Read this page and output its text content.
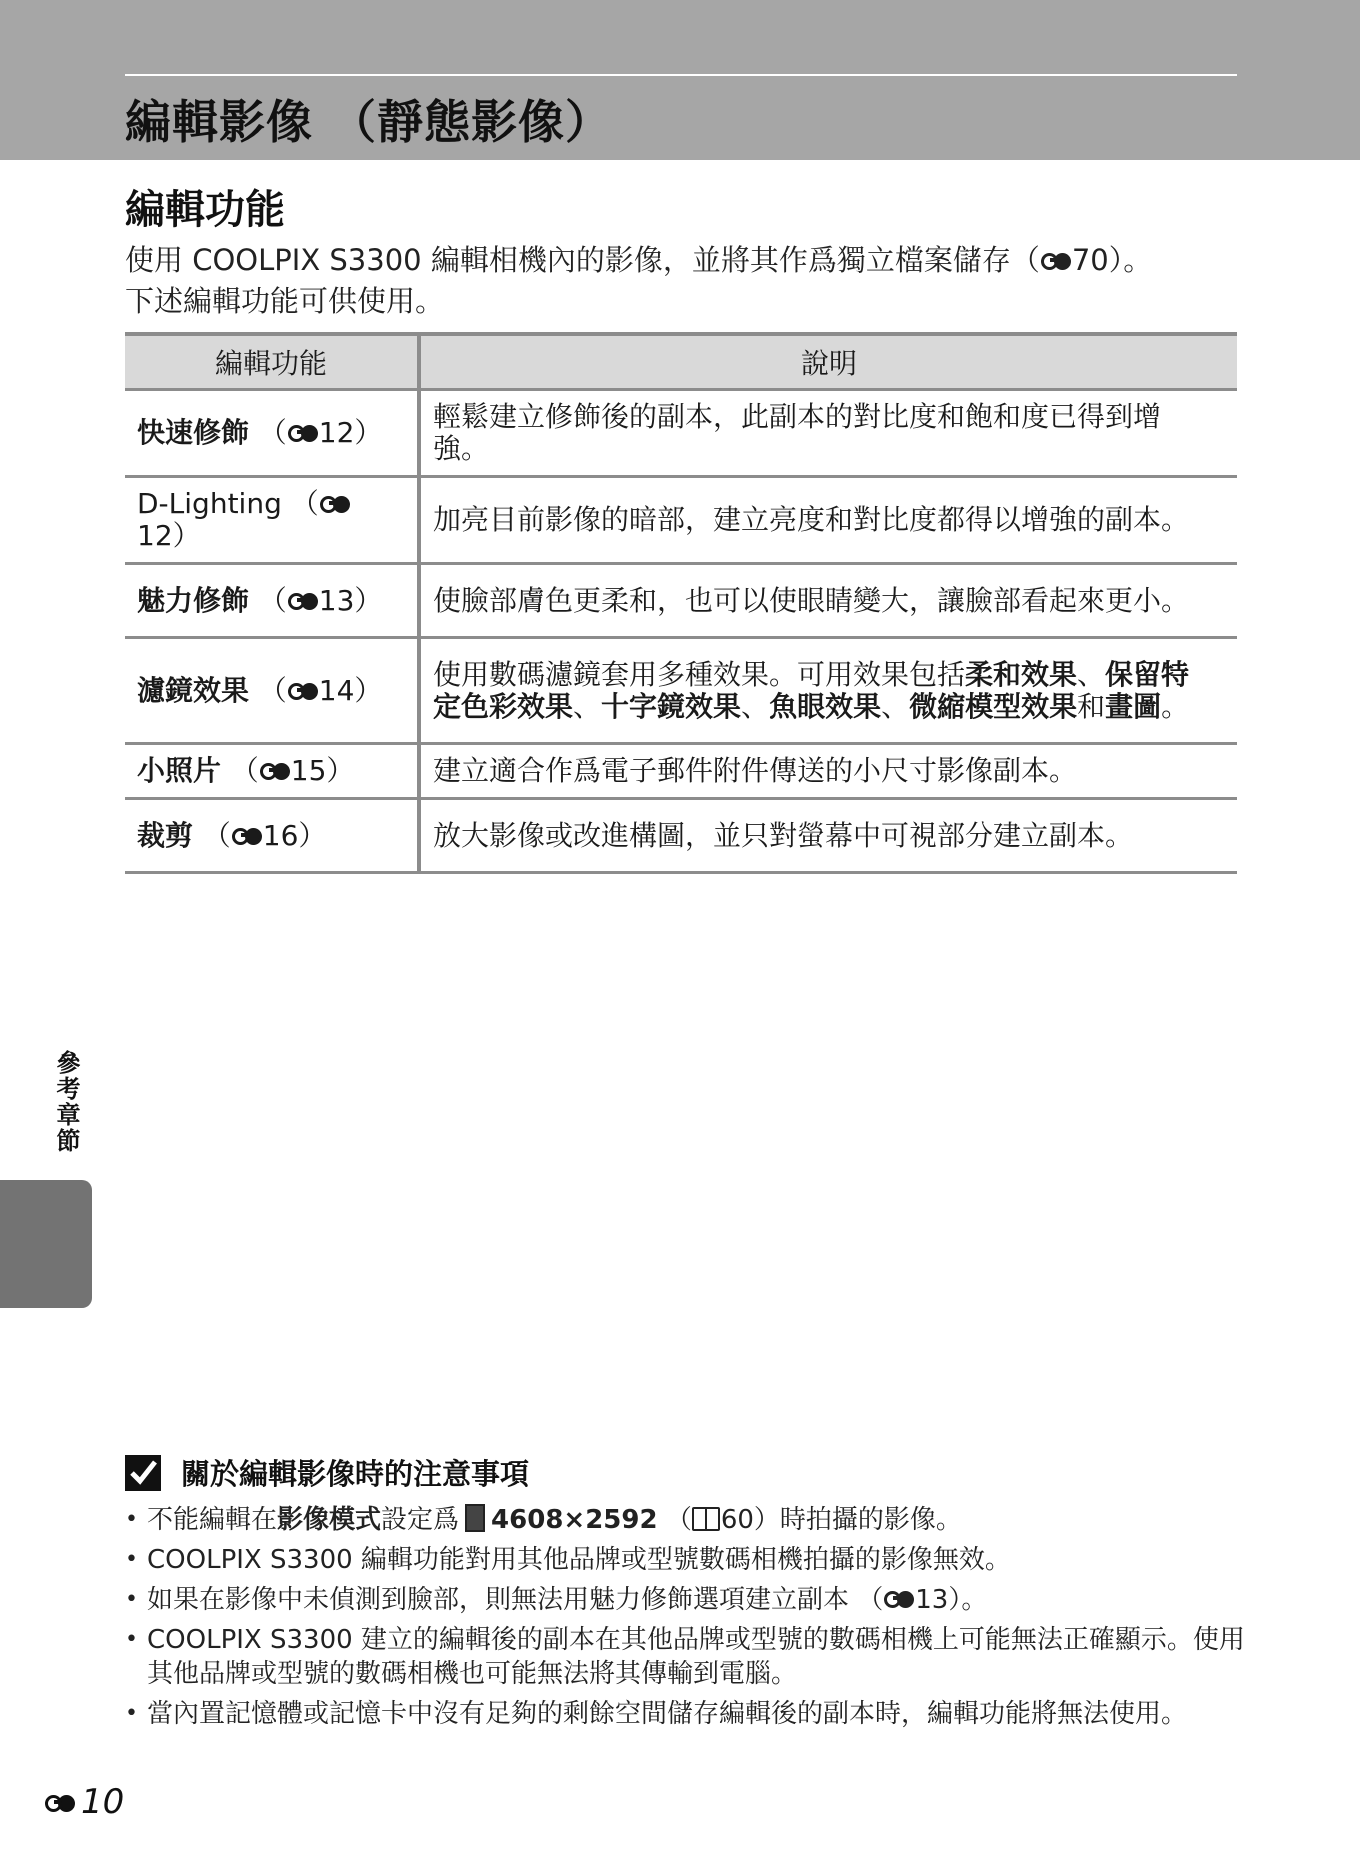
編輯影像 （靜態影像）
編輯功能

使用 COOLPIX S3300 編輯相機內的影像，並將其作爲獨立檔案儲存（ 70）。

下述編輯功能可供使用。

編輯功能	說明
快速修飾 （ 12）	輕鬆建立修飾後的副本，此副本的對比度和飽和度已得到增強。
D-Lighting （
12）	加亮目前影像的暗部，建立亮度和對比度都得以增強的副本。
魅力修飾 （ 13）	使臉部膚色更柔和，也可以使眼睛變大，讓臉部看起來更小。
濾鏡效果 （ 14）	使用數碼濾鏡套用多種效果。可用效果包括柔和效果、保留特定色彩效果、十字鏡效果、魚眼效果、微縮模型效果和畫圖。
小照片 （ 15）	建立適合作爲電子郵件附件傳送的小尺寸影像副本。
裁剪 （ 16）	放大影像或改進構圖，並只對螢幕中可視部分建立副本。
參考章節
關於編輯影像時的注意事項
• 不能編輯在影像模式設定爲 4608×2592 （ 60）時拍攝的影像。
• COOLPIX S3300 編輯功能對用其他品牌或型號數碼相機拍攝的影像無效。
• 如果在影像中未偵測到臉部，則無法用魅力修飾選項建立副本 （ 13）。
• COOLPIX S3300 建立的編輯後的副本在其他品牌或型號的數碼相機上可能無法正確顯示。使用其他品牌或型號的數碼相機也可能無法將其傳輸到電腦。
• 當內置記憶體或記憶卡中沒有足夠的剩餘空間儲存編輯後的副本時，編輯功能將無法使用。
10
